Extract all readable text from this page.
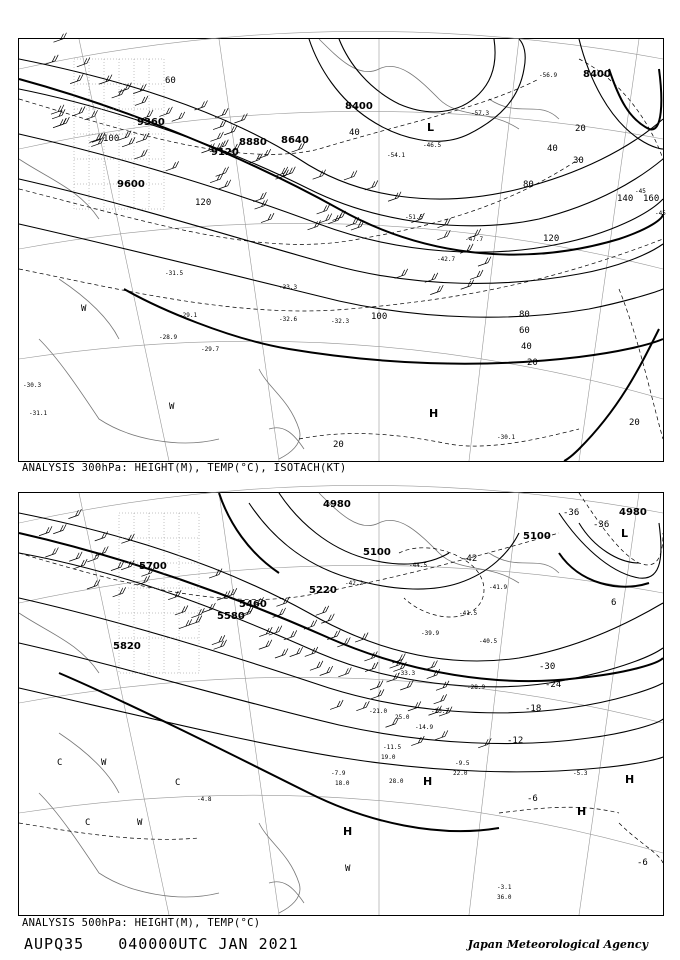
9360
9120
8880 8640
8400
8400
9600
100
120
40
60
20
140 160
80
120
100	80
60
40
20
20
20
30
40
L
H
W
W
-29.7
-28.9
-32.6
-31.5
-33.3
-32.3
-30.3
-29.1
-57.3
-56.9
-54.1
-51.5
-42.7
-47.7
-46.5
-31.1
-30.1
-45
-45
ANALYSIS 300hPa: HEIGHT(M), TEMP(°C), ISOTACH(KT)
5700
5460
5580
5220
5100
5100
4980
4980
5820
-36
-36
-30
-24
-18
-12
-6
-6
-42
6
L
H
H
H
H
C
C	W
W
C
W
-44.5
-42.2
-41.9
-41.5
-40.5
-39.9
-33.3
-28.9
-21.0	-23.7
-14.9
-11.5
-9.5
-7.9	-5.3
-4.8
-3.1
36.0
22.0
28.0
19.0
25.0
18.0
ANALYSIS 500hPa: HEIGHT(M), TEMP(°C)
AUPQ35 040000UTC JAN 2021	Japan Meteorological Agency
